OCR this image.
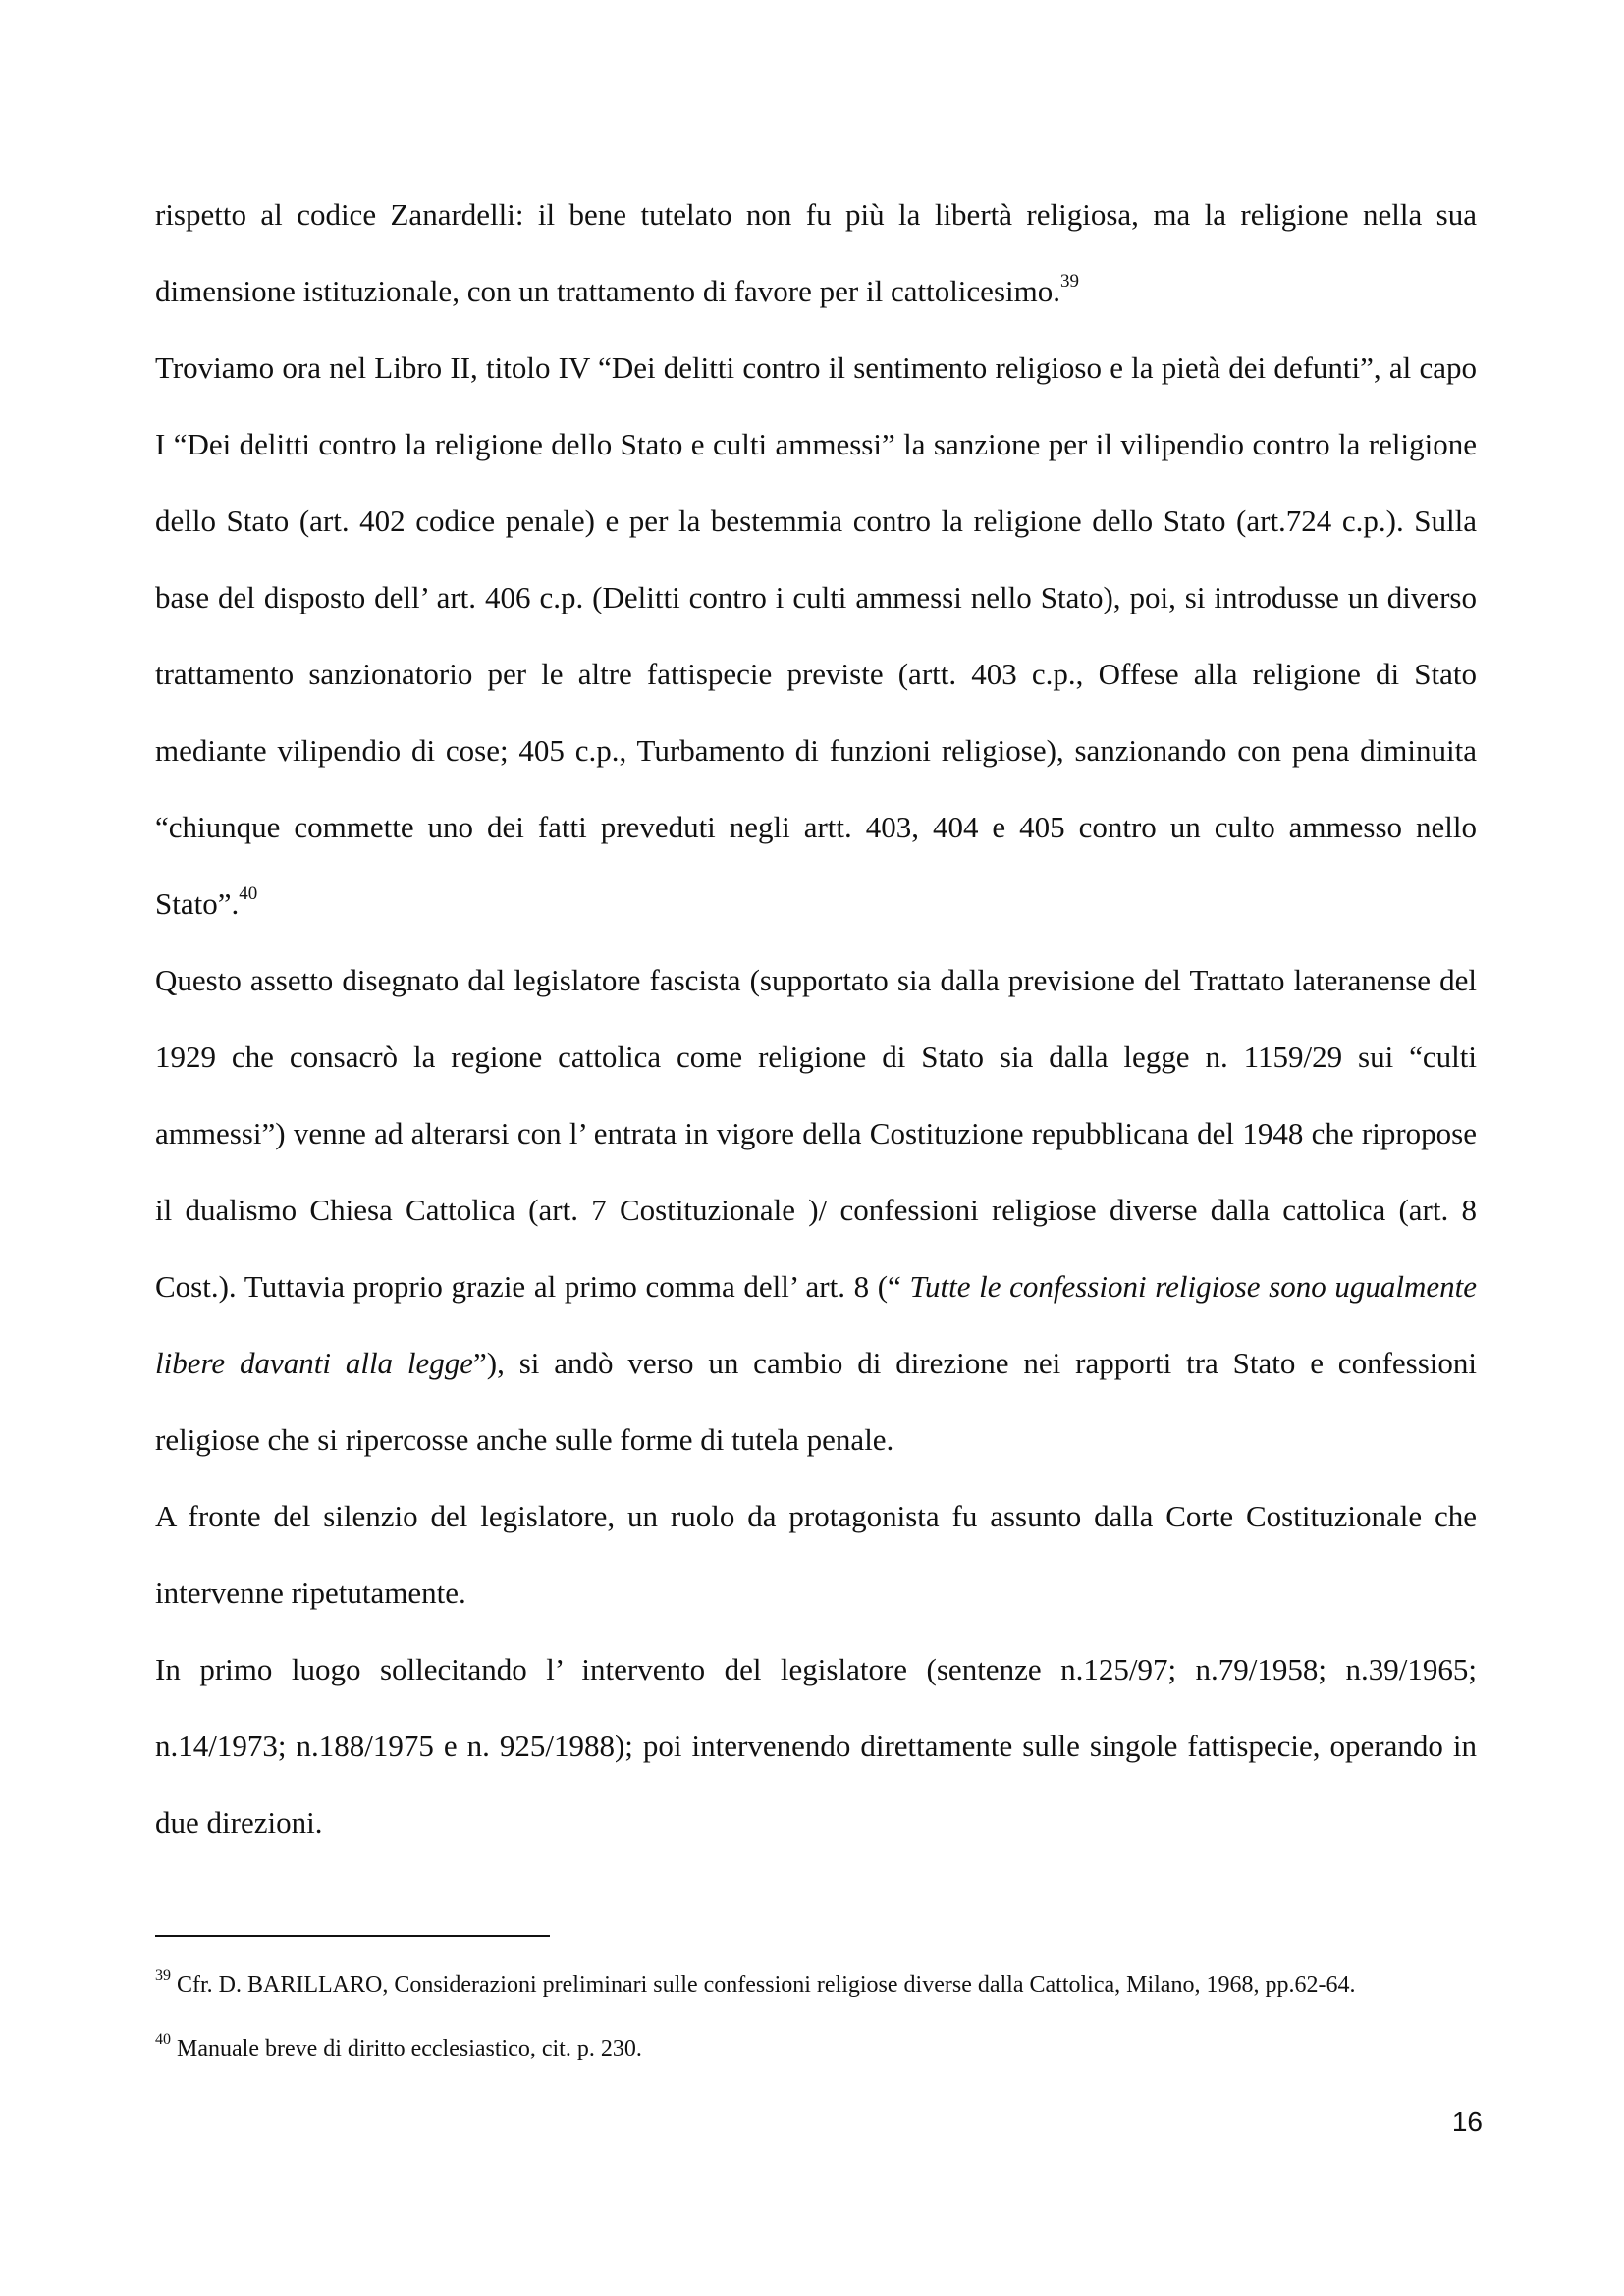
rispetto al codice Zanardelli: il bene tutelato non fu più la libertà religiosa, ma la religione nella sua dimensione istituzionale, con un trattamento di favore per il cattolicesimo.$^{39}$

Troviamo ora nel Libro II, titolo IV “Dei delitti contro il sentimento religioso e la pietà dei defunti”, al capo I “Dei delitti contro la religione dello Stato e culti ammessi” la sanzione per il vilipendio contro la religione dello Stato (art. 402 codice penale) e per la bestemmia contro la religione dello Stato (art.724 c.p.). Sulla base del disposto dell’ art. 406 c.p. (Delitti contro i culti ammessi nello Stato), poi, si introdusse un diverso trattamento sanzionatorio per le altre fattispecie previste (artt. 403 c.p., Offese alla religione di Stato mediante vilipendio di cose; 405 c.p., Turbamento di funzioni religiose), sanzionando con pena diminuita “chiunque commette uno dei fatti preveduti negli artt. 403, 404 e 405 contro un culto ammesso nello Stato”.$^{40}$

Questo assetto disegnato dal legislatore fascista (supportato sia dalla previsione del Trattato lateranense del 1929 che consacrò la regione cattolica come religione di Stato sia dalla legge n. 1159/29 sui “culti ammessi”) venne ad alterarsi con l’ entrata in vigore della Costituzione repubblicana del 1948 che ripropose il dualismo Chiesa Cattolica (art. 7 Costituzionale )/ confessioni religiose diverse dalla cattolica (art. 8 Cost.). Tuttavia proprio grazie al primo comma dell’ art. 8 (“ Tutte le confessioni religiose sono ugualmente libere davanti alla legge”), si andò verso un cambio di direzione nei rapporti tra Stato e confessioni religiose che si ripercosse anche sulle forme di tutela penale.

A fronte del silenzio del legislatore, un ruolo da protagonista fu assunto dalla Corte Costituzionale che intervenne ripetutamente.

In primo luogo sollecitando l’ intervento del legislatore (sentenze n.125/97; n.79/1958; n.39/1965; n.14/1973; n.188/1975 e n. 925/1988); poi intervenendo direttamente sulle singole fattispecie, operando in due direzioni.

$^{39}$ Cfr. D. BARILLARO, Considerazioni preliminari sulle confessioni religiose diverse dalla Cattolica, Milano, 1968, pp.62-64.

$^{40}$ Manuale breve di diritto ecclesiastico, cit. p. 230.

16
